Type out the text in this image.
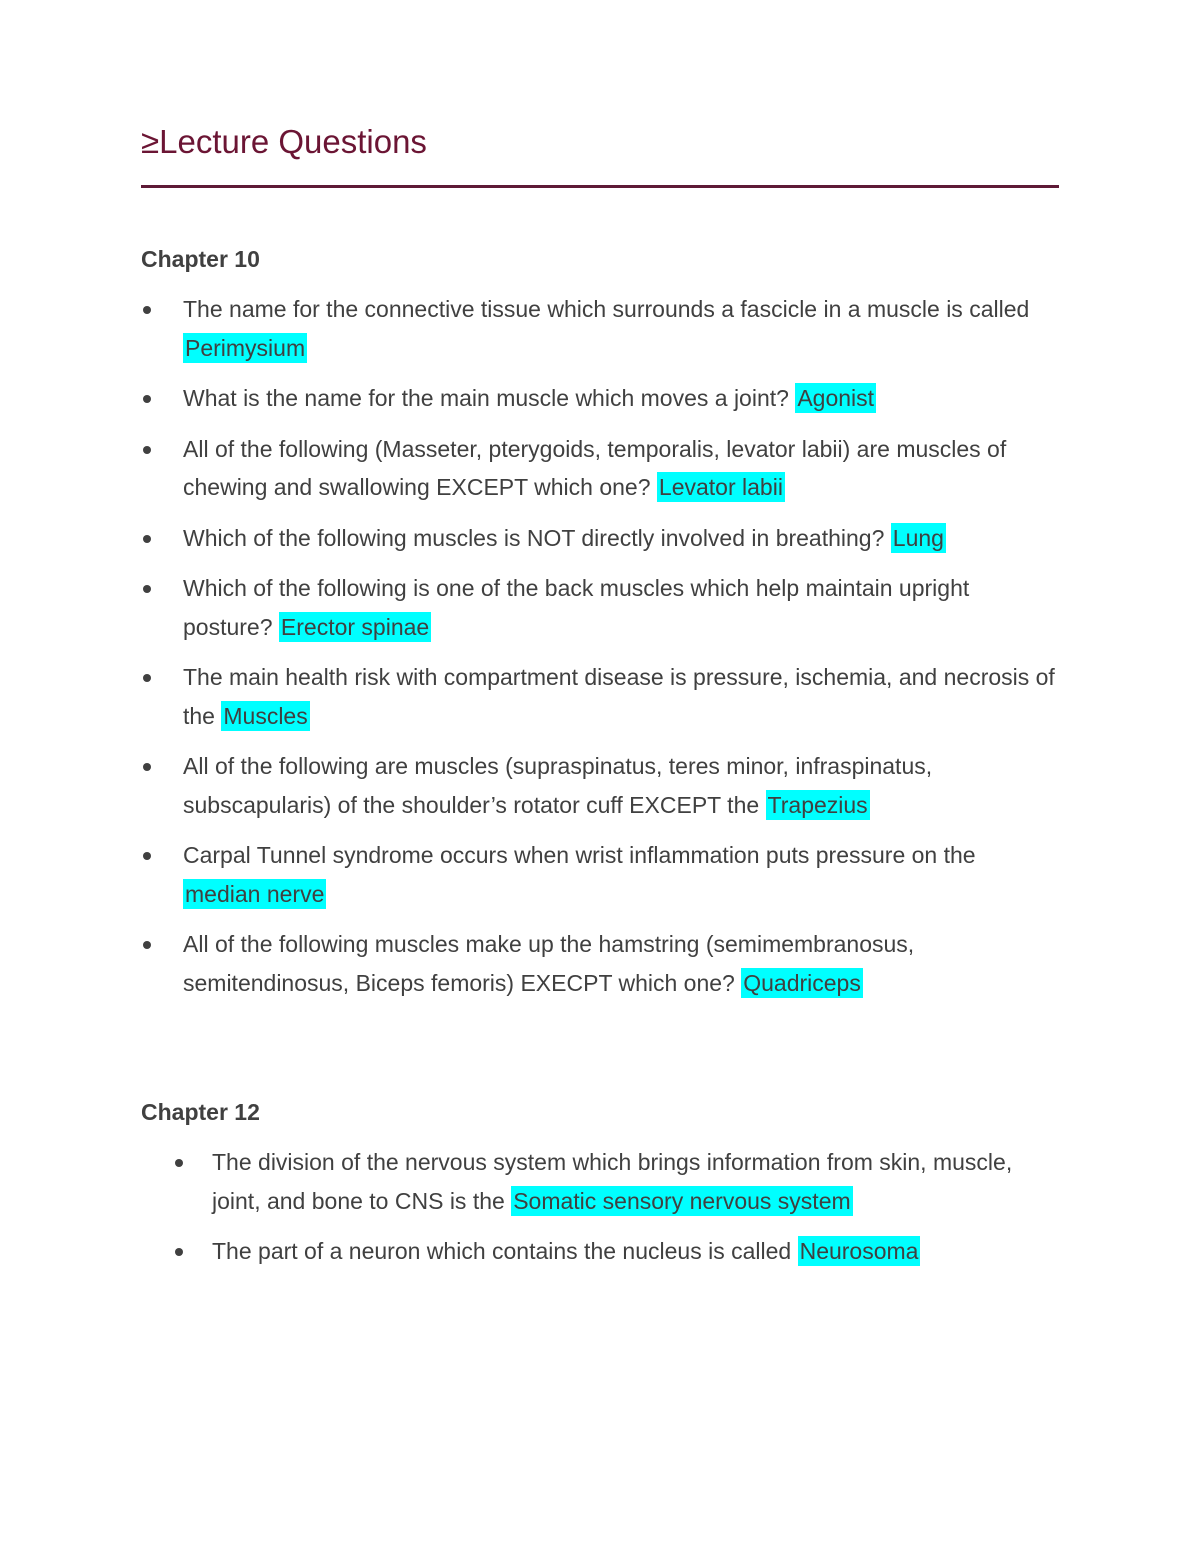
≥Lecture Questions
Chapter 10
The name for the connective tissue which surrounds a fascicle in a muscle is called Perimysium
What is the name for the main muscle which moves a joint? Agonist
All of the following (Masseter, pterygoids, temporalis, levator labii) are muscles of chewing and swallowing EXCEPT which one? Levator labii
Which of the following muscles is NOT directly involved in breathing? Lung
Which of the following is one of the back muscles which help maintain upright posture? Erector spinae
The main health risk with compartment disease is pressure, ischemia, and necrosis of the Muscles
All of the following are muscles (supraspinatus, teres minor, infraspinatus, subscapularis) of the shoulder’s rotator cuff EXCEPT the Trapezius
Carpal Tunnel syndrome occurs when wrist inflammation puts pressure on the median nerve
All of the following muscles make up the hamstring (semimembranosus, semitendinosus, Biceps femoris) EXECPT which one? Quadriceps
Chapter 12
The division of the nervous system which brings information from skin, muscle, joint, and bone to CNS is the Somatic sensory nervous system
The part of a neuron which contains the nucleus is called Neurosoma
